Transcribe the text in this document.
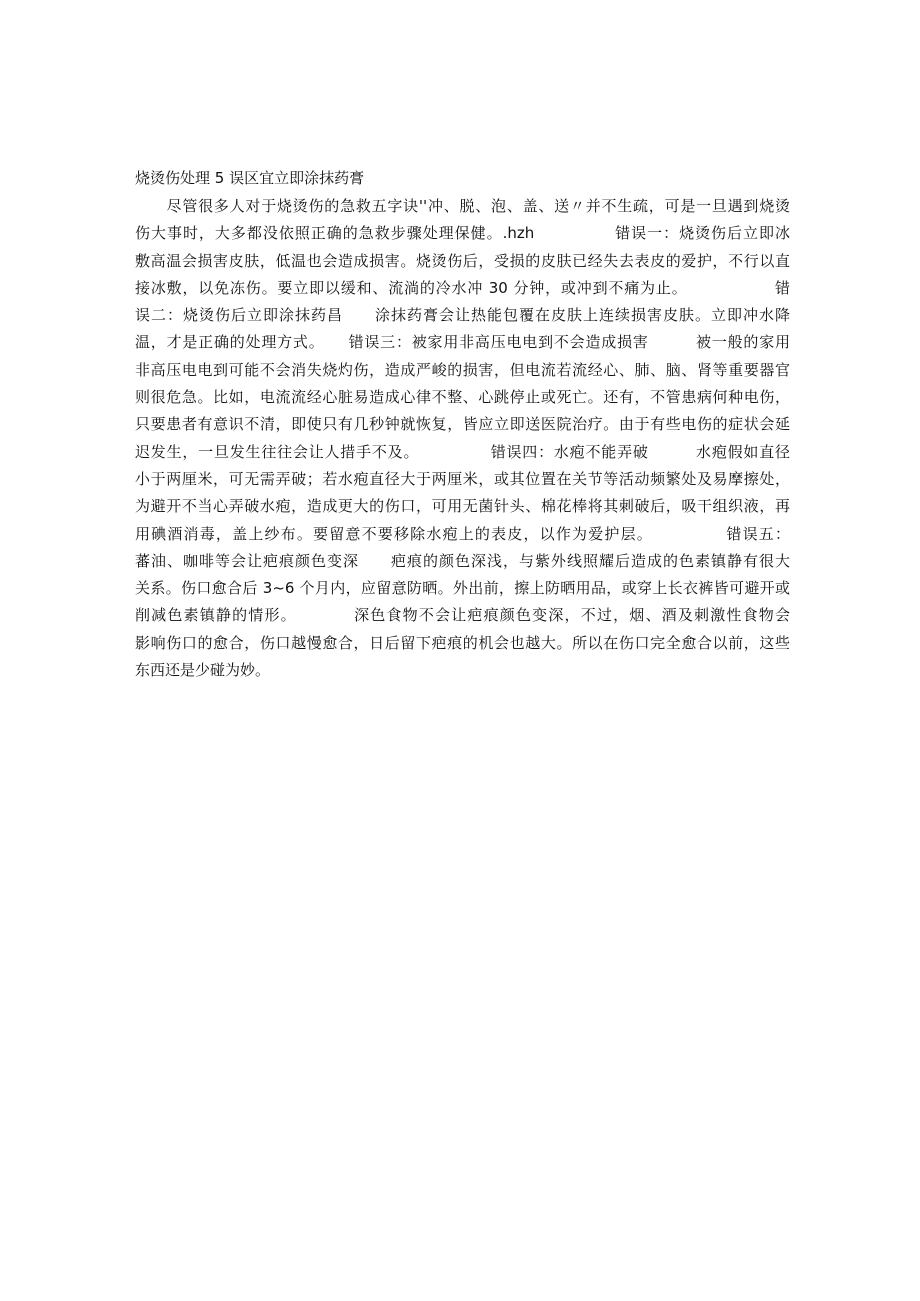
烧烫伤处理 5 误区宜立即涂抹药膏
　　尽管很多人对于烧烫伤的急救五字诀''冲、脱、泡、盖、送〃并不生疏，可是一旦遇到烧烫
伤大事时，大多都没依照正确的急救步骤处理保健。.hzh　　　　　错误一：烧烫伤后立即冰
敷高温会损害皮肤，低温也会造成损害。烧烫伤后，受损的皮肤已经失去表皮的爱护，不行以直
接冰敷，以免冻伤。要立即以缓和、流淌的冷水冲 30 分钟，或冲到不痛为止。　　　　　　错
误二：烧烫伤后立即涂抹药昌　　涂抹药膏会让热能包覆在皮肤上连续损害皮肤。立即冲水降
温，才是正确的处理方式。　　错误三：被家用非高压电电到不会造成损害　　　被一般的家用
非高压电电到可能不会消失烧灼伤，造成严峻的损害，但电流若流经心、肺、脑、肾等重要器官
则很危急。比如，电流流经心脏易造成心律不整、心跳停止或死亡。还有，不管患病何种电伤，
只要患者有意识不清，即使只有几秒钟就恢复，皆应立即送医院治疗。由于有些电伤的症状会延
迟发生，一旦发生往往会让人措手不及。　　　　　错误四：水疱不能弄破　　　水疱假如直径
小于两厘米，可无需弄破；若水疱直径大于两厘米，或其位置在关节等活动频繁处及易摩擦处，
为避开不当心弄破水疱，造成更大的伤口，可用无菌针头、棉花棒将其刺破后，吸干组织液，再
用碘酒消毒，盖上纱布。要留意不要移除水疱上的表皮，以作为爱护层。　　　　　错误五：
蕃油、咖啡等会让疤痕颜色变深　　疤痕的颜色深浅，与紫外线照耀后造成的色素镇静有很大
关系。伤口愈合后 3~6 个月内，应留意防晒。外出前，擦上防晒用品，或穿上长衣裤皆可避开或
削减色素镇静的情形。　　　　深色食物不会让疤痕颜色变深，不过，烟、酒及刺激性食物会
影响伤口的愈合，伤口越慢愈合，日后留下疤痕的机会也越大。所以在伤口完全愈合以前，这些
东西还是少碰为妙。
